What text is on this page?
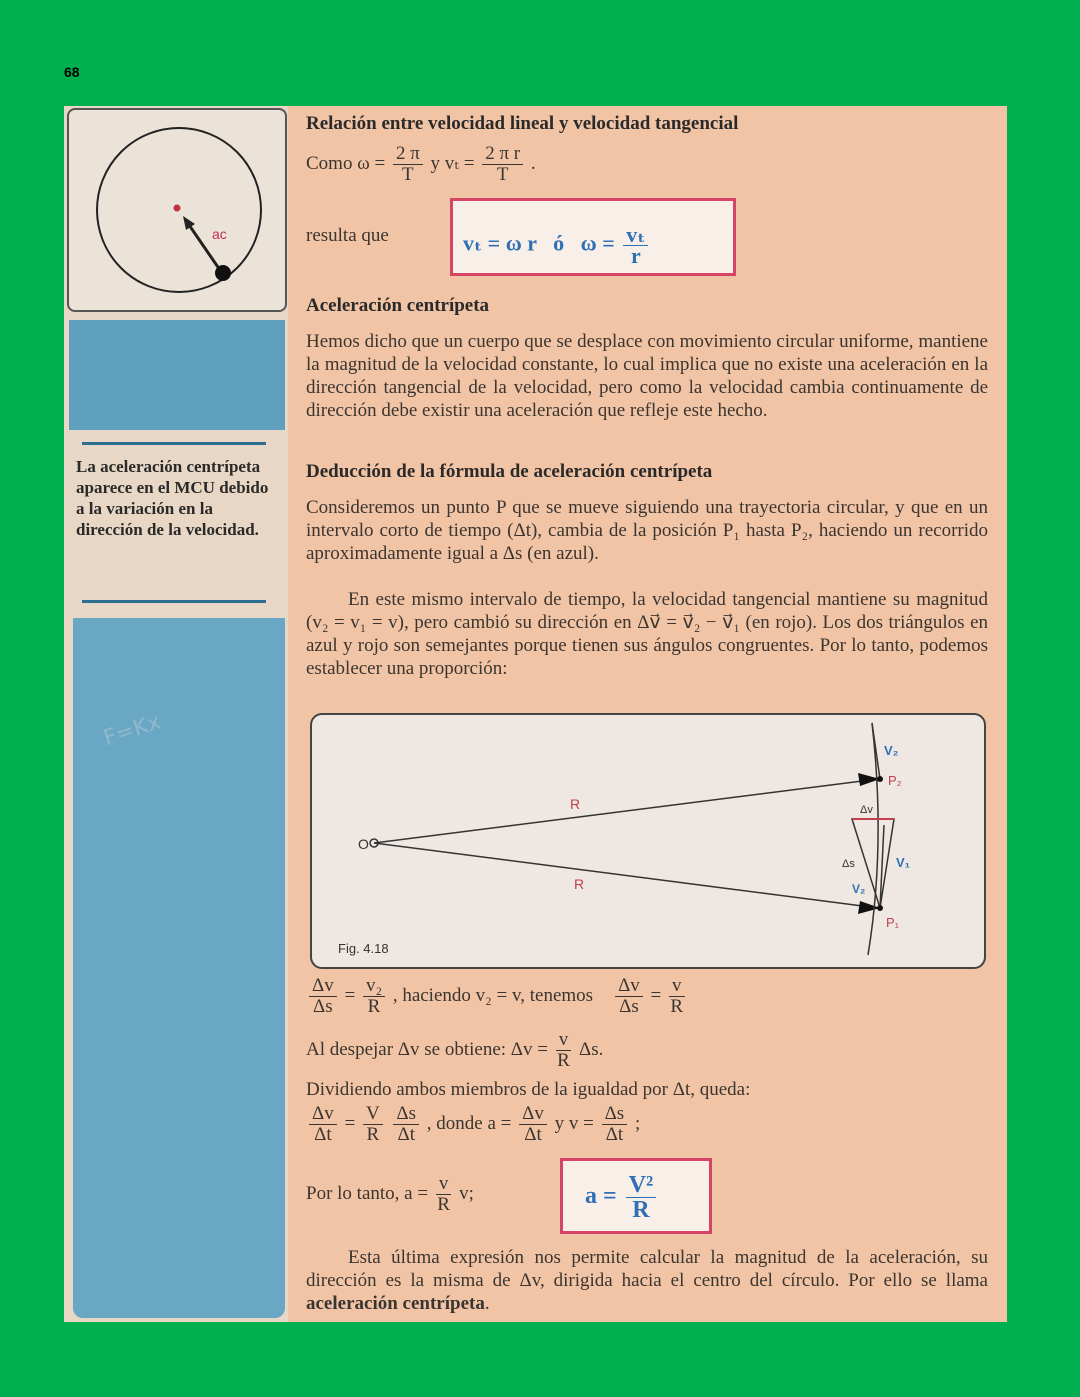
68
ac
La aceleración centrípeta aparece en el MCU debido a la variación en la dirección de la velocidad.
F=Kx
Relación entre velocidad lineal y velocidad tangencial
Como $\omega = \frac{2 \pi}{T}$ y $v_t = \frac{\text{2 π r}}{T}$ .
resulta que	vₜ = ω r ó $\omega = \frac{\text{vₜ}}{r}$
Aceleración centrípeta
Hemos dicho que un cuerpo que se desplace con movimiento circular uniforme, mantiene la magnitud de la velocidad constante, lo cual implica que no existe una aceleración en la dirección tangencial de la velocidad, pero como la velocidad cambia continuamente de dirección debe existir una aceleración que refleje este hecho.
Deducción de la fórmula de aceleración centrípeta
Consideremos un punto P que se mueve siguiendo una trayectoria circular, y que en un intervalo corto de tiempo (Δt), cambia de la posición P₁ hasta P₂, haciendo un recorrido aproximadamente igual a Δs (en azul).
En este mismo intervalo de tiempo, la velocidad tangencial mantiene su magnitud (v₂ = v₁ = v), pero cambió su dirección en Δv⃗ = v⃗₂ − v⃗₁ (en rojo). Los dos triángulos en azul y rojo son semejantes porque tienen sus ángulos congruentes. Por lo tanto, podemos establecer una proporción:
O
R
R
P₂
P₁
V₂
V₁
V₂
Δv
Δs
Fig. 4.18
$\frac{\Delta v}{\Delta s} = \frac{\text{v₂}}{R}$ , haciendo v₂ = v, tenemos $\frac{\Delta v}{\Delta s} = \frac{v}{R}$
Al despejar Δv se obtiene: $\Delta v = \frac{v}{R} \Delta s$.
Dividiendo ambos miembros de la igualdad por Δt, queda:
$\frac{\Delta v}{\Delta t} = \frac{V}{R}$
$\frac{\Delta s}{\Delta t}$ , donde $a = \frac{\Delta v}{\Delta t}$ y $v = \frac{\Delta s}{\Delta t}$ ;
Por lo tanto, $a = \frac{v}{R} v$;	$a = \frac{\text{V²}}{R}$
Esta última expresión nos permite calcular la magnitud de la aceleración, su dirección es la misma de Δv, dirigida hacia el centro del círculo. Por ello se llama aceleración centrípeta.
